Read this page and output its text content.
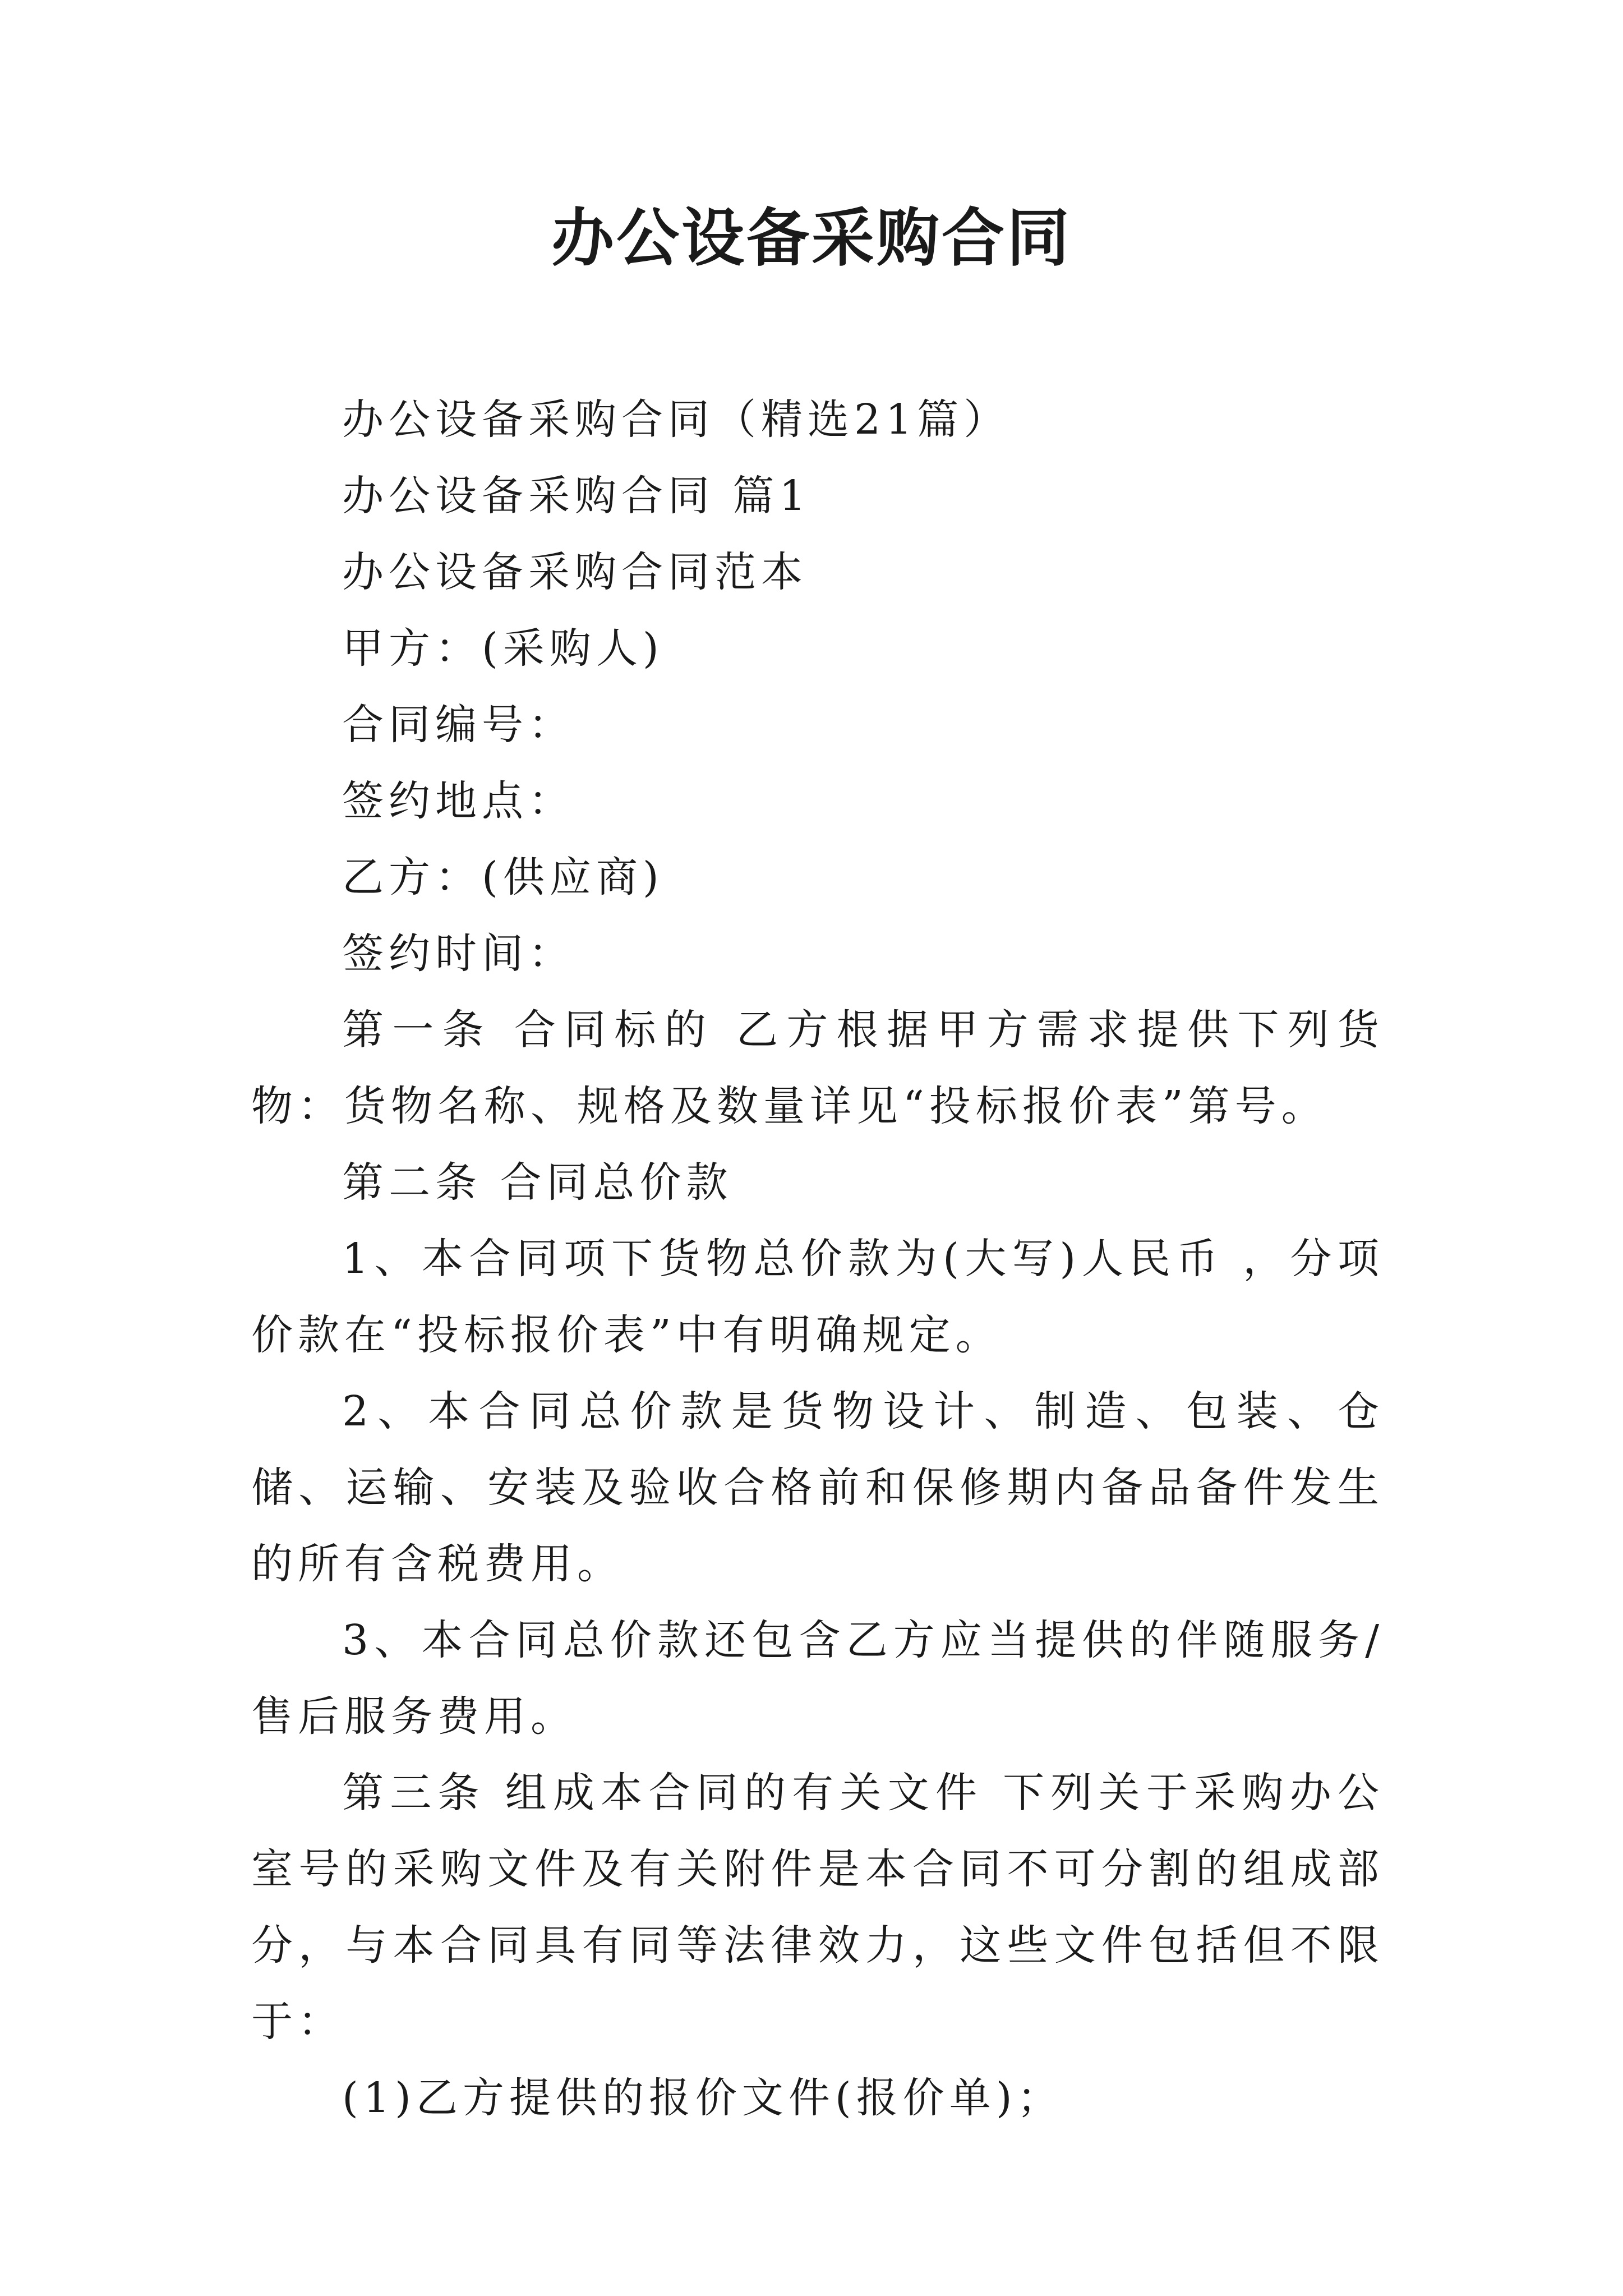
办公设备采购合同

办公设备采购合同（精选21篇）

办公设备采购合同 篇1

办公设备采购合同范本

甲方：(采购人)

合同编号：

签约地点：

乙方：(供应商)

签约时间：

第一条 合同标的 乙方根据甲方需求提供下列货物：货物名称、规格及数量详见“投标报价表”第号。

第二条 合同总价款

1、本合同项下货物总价款为(大写)人民币 ，分项价款在“投标报价表”中有明确规定。

2、本合同总价款是货物设计、制造、包装、仓储、运输、安装及验收合格前和保修期内备品备件发生的所有含税费用。

3、本合同总价款还包含乙方应当提供的伴随服务/售后服务费用。

第三条 组成本合同的有关文件 下列关于采购办公室号的采购文件及有关附件是本合同不可分割的组成部分，与本合同具有同等法律效力，这些文件包括但不限于：

(1)乙方提供的报价文件(报价单)；
